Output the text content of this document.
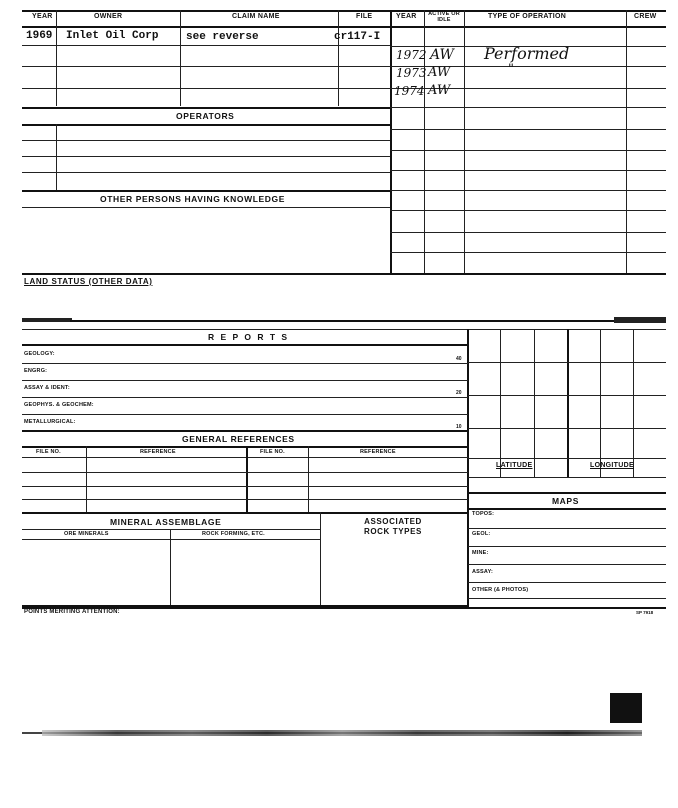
YEAR	OWNER	CLAIM NAME	FILE	YEAR	ACTIVE OR IDLE	TYPE OF OPERATION	CREW
1969 Inlet Oil Corp	see reverse	cr117-I
1972 AW Performed
1973 AW	"
1974 AW
OPERATORS
OTHER PERSONS HAVING KNOWLEDGE
LAND STATUS (OTHER DATA)
R E P O R T S
GEOLOGY:
40
ENGRG:
ASSAY & IDENT:
20
GEOPHYS. & GEOCHEM:
METALLURGICAL:
10
GENERAL REFERENCES
FILE NO.	REFERENCE	FILE NO.	REFERENCE
MINERAL ASSEMBLAGE	ASSOCIATED ROCK TYPES
ORE MINERALS	ROCK FORMING, ETC.
LATITUDE	LONGITUDE
MAPS
TOPOS:
GEOL:
MINE:
ASSAY:
OTHER (& PHOTOS)
POINTS MERITING ATTENTION:	SP 7918
